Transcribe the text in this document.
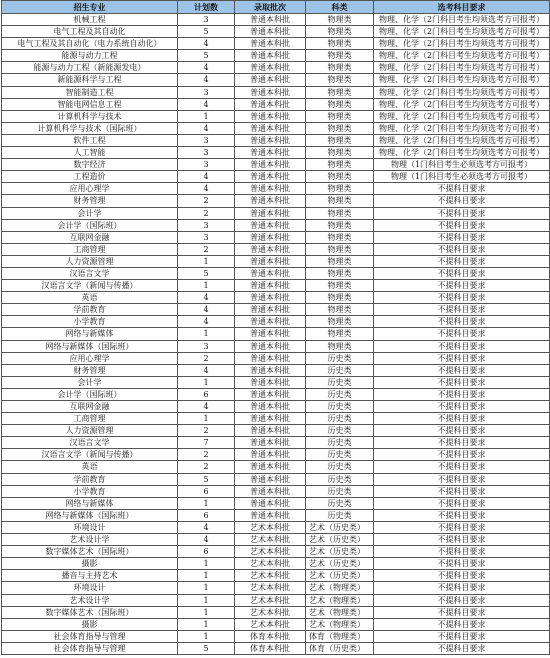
招生专业	计划数	录取批次	科类	选考科目要求
机械工程	3	普通本科批	物理类	物理、化学（2门科目考生均须选考方可报考）
电气工程及其自动化	5	普通本科批	物理类	物理、化学（2门科目考生均须选考方可报考）
电气工程及其自动化（电力系统自动化）	4	普通本科批	物理类	物理、化学（2门科目考生均须选考方可报考）
能源与动力工程	5	普通本科批	物理类	物理、化学（2门科目考生均须选考方可报考）
能源与动力工程（新能源发电）	4	普通本科批	物理类	物理、化学（2门科目考生均须选考方可报考）
新能源科学与工程	4	普通本科批	物理类	物理、化学（2门科目考生均须选考方可报考）
智能制造工程	3	普通本科批	物理类	物理、化学（2门科目考生均须选考方可报考）
智能电网信息工程	4	普通本科批	物理类	物理、化学（2门科目考生均须选考方可报考）
计算机科学与技术	1	普通本科批	物理类	物理、化学（2门科目考生均须选考方可报考）
计算机科学与技术（国际班）	4	普通本科批	物理类	物理、化学（2门科目考生均须选考方可报考）
软件工程	3	普通本科批	物理类	物理、化学（2门科目考生均须选考方可报考）
人工智能	3	普通本科批	物理类	物理、化学（2门科目考生均须选考方可报考）
数字经济	3	普通本科批	物理类	物理（1门科目考生必须选考方可报考）
工程造价	4	普通本科批	物理类	物理（1门科目考生必须选考方可报考）
应用心理学	4	普通本科批	物理类	不提科目要求
财务管理	2	普通本科批	物理类	不提科目要求
会计学	2	普通本科批	物理类	不提科目要求
会计学（国际班）	3	普通本科批	物理类	不提科目要求
互联网金融	3	普通本科批	物理类	不提科目要求
工商管理	2	普通本科批	物理类	不提科目要求
人力资源管理	1	普通本科批	物理类	不提科目要求
汉语言文学	5	普通本科批	物理类	不提科目要求
汉语言文学（新闻与传播）	1	普通本科批	物理类	不提科目要求
英语	4	普通本科批	物理类	不提科目要求
学前教育	4	普通本科批	物理类	不提科目要求
小学教育	4	普通本科批	物理类	不提科目要求
网络与新媒体	1	普通本科批	物理类	不提科目要求
网络与新媒体（国际班）	3	普通本科批	物理类	不提科目要求
应用心理学	2	普通本科批	历史类	不提科目要求
财务管理	4	普通本科批	历史类	不提科目要求
会计学	1	普通本科批	历史类	不提科目要求
会计学（国际班）	6	普通本科批	历史类	不提科目要求
互联网金融	4	普通本科批	历史类	不提科目要求
工商管理	1	普通本科批	历史类	不提科目要求
人力资源管理	2	普通本科批	历史类	不提科目要求
汉语言文学	7	普通本科批	历史类	不提科目要求
汉语言文学（新闻与传播）	2	普通本科批	历史类	不提科目要求
英语	2	普通本科批	历史类	不提科目要求
学前教育	5	普通本科批	历史类	不提科目要求
小学教育	6	普通本科批	历史类	不提科目要求
网络与新媒体	1	普通本科批	历史类	不提科目要求
网络与新媒体（国际班）	6	普通本科批	历史类	不提科目要求
环境设计	4	艺术本科批	艺术（历史类）	不提科目要求
艺术设计学	4	艺术本科批	艺术（历史类）	不提科目要求
数字媒体艺术（国际班）	6	艺术本科批	艺术（历史类）	不提科目要求
摄影	1	艺术本科批	艺术（历史类）	不提科目要求
播音与主持艺术	1	艺术本科批	艺术（历史类）	不提科目要求
环境设计	1	艺术本科批	艺术（物理类）	不提科目要求
艺术设计学	1	艺术本科批	艺术（物理类）	不提科目要求
数字媒体艺术（国际班）	1	艺术本科批	艺术（物理类）	不提科目要求
摄影	1	艺术本科批	艺术（物理类）	不提科目要求
社会体育指导与管理	1	体育本科批	体育（物理类）	不提科目要求
社会体育指导与管理	5	体育本科批	体育（历史类）	不提科目要求
